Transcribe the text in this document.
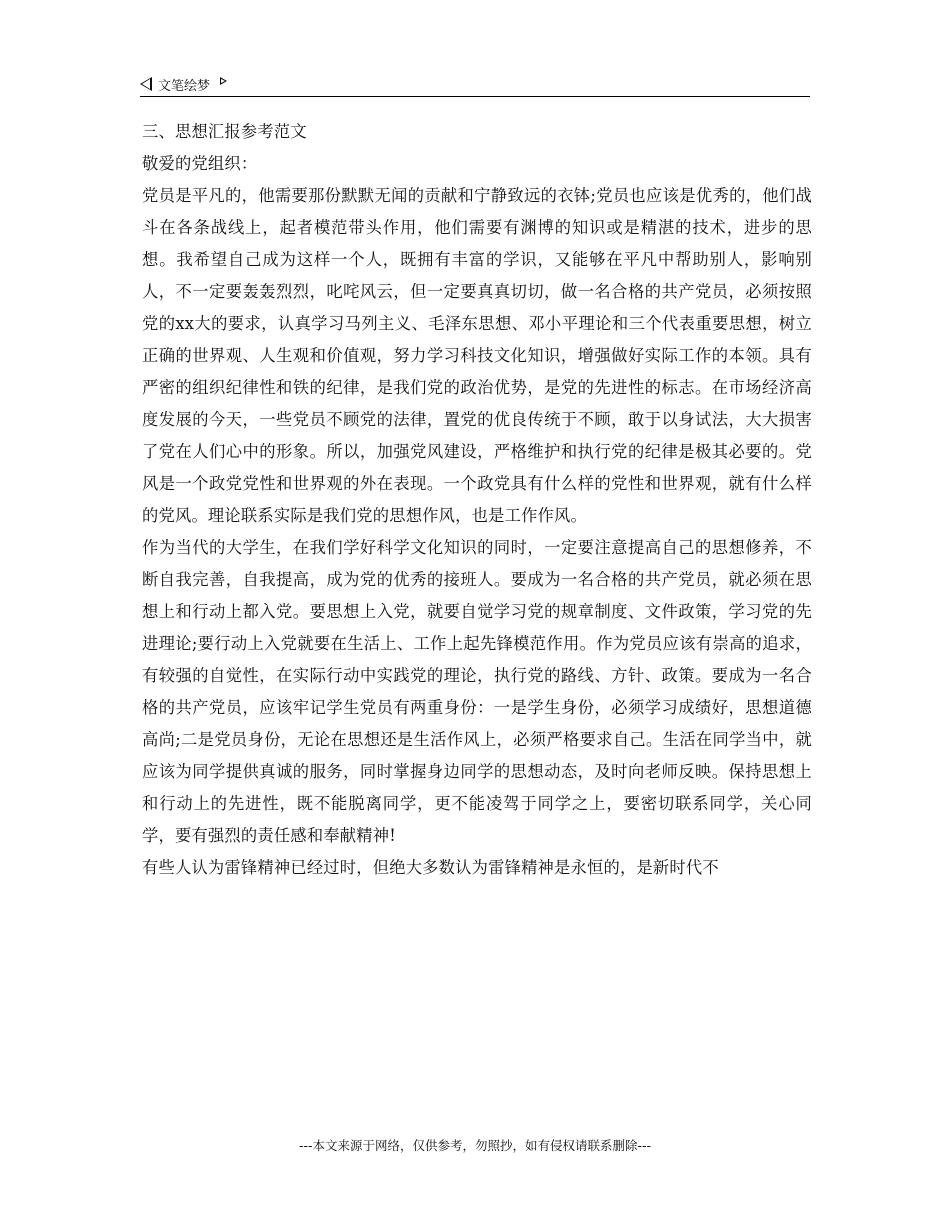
文笔绘梦

三、思想汇报参考范文

敬爱的党组织：

党员是平凡的，他需要那份默默无闻的贡献和宁静致远的衣钵;党员也应该是优秀的，他们战斗在各条战线上，起者模范带头作用，他们需要有渊博的知识或是精湛的技术，进步的思想。我希望自己成为这样一个人，既拥有丰富的学识，又能够在平凡中帮助别人，影响别人，不一定要轰轰烈烈，叱咤风云，但一定要真真切切，做一名合格的共产党员，必须按照党的xx大的要求，认真学习马列主义、毛泽东思想、邓小平理论和三个代表重要思想，树立正确的世界观、人生观和价值观，努力学习科技文化知识，增强做好实际工作的本领。具有严密的组织纪律性和铁的纪律，是我们党的政治优势，是党的先进性的标志。在市场经济高度发展的今天，一些党员不顾党的法律，置党的优良传统于不顾，敢于以身试法，大大损害了党在人们心中的形象。所以，加强党风建设，严格维护和执行党的纪律是极其必要的。党风是一个政党党性和世界观的外在表现。一个政党具有什么样的党性和世界观，就有什么样的党风。理论联系实际是我们党的思想作风，也是工作作风。

作为当代的大学生，在我们学好科学文化知识的同时，一定要注意提高自己的思想修养，不断自我完善，自我提高，成为党的优秀的接班人。要成为一名合格的共产党员，就必须在思想上和行动上都入党。要思想上入党，就要自觉学习党的规章制度、文件政策，学习党的先进理论;要行动上入党就要在生活上、工作上起先锋模范作用。作为党员应该有崇高的追求，有较强的自觉性，在实际行动中实践党的理论，执行党的路线、方针、政策。要成为一名合格的共产党员，应该牢记学生党员有两重身份：一是学生身份，必须学习成绩好，思想道德高尚;二是党员身份，无论在思想还是生活作风上，必须严格要求自己。生活在同学当中，就应该为同学提供真诚的服务，同时掌握身边同学的思想动态，及时向老师反映。保持思想上和行动上的先进性，既不能脱离同学，更不能凌驾于同学之上，要密切联系同学，关心同学，要有强烈的责任感和奉献精神!

有些人认为雷锋精神已经过时，但绝大多数认为雷锋精神是永恒的，是新时代不

---本文来源于网络，仅供参考，勿照抄，如有侵权请联系删除---
